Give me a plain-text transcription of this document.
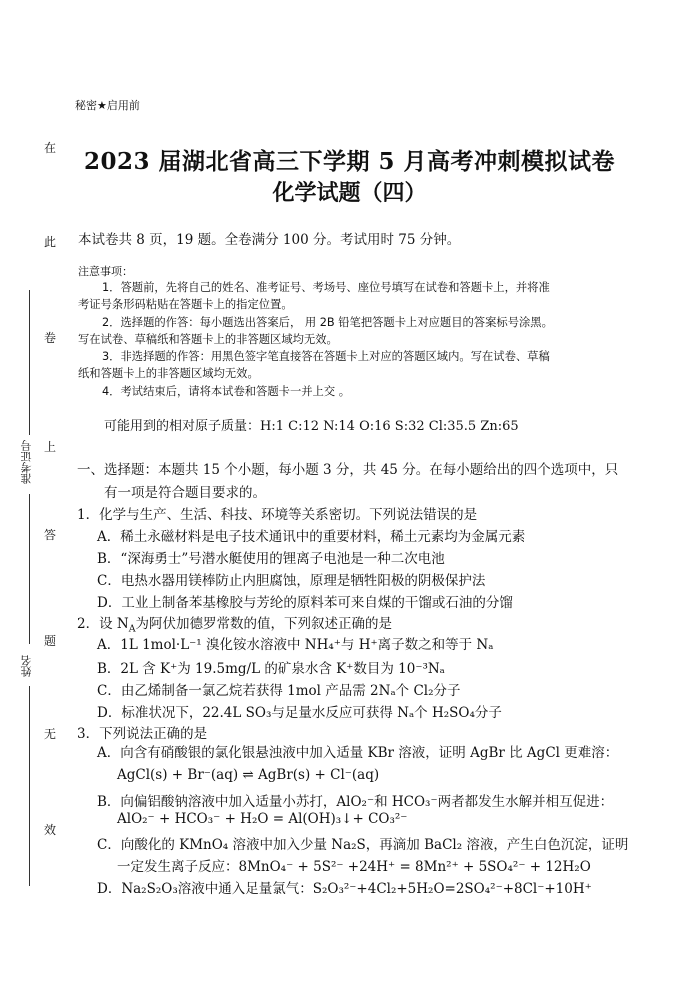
在
此
卷
上
答
题
无
效
准考证号
姓名
秘密★启用前
2023 届湖北省高三下学期 5 月高考冲刺模拟试卷
化学试题（四）
本试卷共 8 页，19 题。全卷满分 100 分。考试用时 75 分钟。
注意事项：
1．答题前，先将自己的姓名、准考证号、考场号、座位号填写在试卷和答题卡上，并将准
考证号条形码粘贴在答题卡上的指定位置。
2．选择题的作答：每小题选出答案后， 用 2B 铅笔把答题卡上对应题目的答案标号涂黑。
写在试卷、草稿纸和答题卡上的非答题区域均无效。
3．非选择题的作答：用黑色签字笔直接答在答题卡上对应的答题区域内。写在试卷、草稿
纸和答题卡上的非答题区域均无效。
4．考试结束后，请将本试卷和答题卡一并上交 。
可能用到的相对原子质量：H:1 C:12 N:14 O:16 S:32 Cl:35.5 Zn:65
一、选择题：本题共 15 个小题，每小题 3 分，共 45 分。在每小题给出的四个选项中，只
有一项是符合题目要求的。
1．化学与生产、生活、科技、环境等关系密切。下列说法错误的是
A．稀土永磁材料是电子技术通讯中的重要材料，稀土元素均为金属元素
B．“深海勇士”号潜水艇使用的锂离子电池是一种二次电池
C．电热水器用镁棒防止内胆腐蚀，原理是牺牲阳极的阴极保护法
D．工业上制备苯基橡胶与芳纶的原料苯可来自煤的干馏或石油的分馏
2．设 $N_A$为阿伏加德罗常数的值，下列叙述正确的是
A．1L 1mol·L⁻¹ 溴化铵水溶液中 NH₄⁺与 H⁺离子数之和等于 Nₐ
B．2L 含 K⁺为 19.5mg/L 的矿泉水含 K⁺数目为 10⁻³Nₐ
C．由乙烯制备一氯乙烷若获得 1mol 产品需 2Nₐ个 Cl₂分子
D．标准状况下，22.4L SO₃与足量水反应可获得 Nₐ个 H₂SO₄分子
3．下列说法正确的是
A．向含有硝酸银的氯化银悬浊液中加入适量 KBr 溶液，证明 AgBr 比 AgCl 更难溶：
AgCl(s) + Br⁻(aq) ⇌ AgBr(s) + Cl⁻(aq)
B．向偏铝酸钠溶液中加入适量小苏打，AlO₂⁻和 HCO₃⁻两者都发生水解并相互促进：
AlO₂⁻ + HCO₃⁻ + H₂O = Al(OH)₃↓+ CO₃²⁻
C．向酸化的 KMnO₄ 溶液中加入少量 Na₂S，再滴加 BaCl₂ 溶液，产生白色沉淀，证明
一定发生离子反应：8MnO₄⁻ + 5S²⁻ +24H⁺ = 8Mn²⁺ + 5SO₄²⁻ + 12H₂O
D．Na₂S₂O₃溶液中通入足量氯气：S₂O₃²⁻+4Cl₂+5H₂O=2SO₄²⁻+8Cl⁻+10H⁺
